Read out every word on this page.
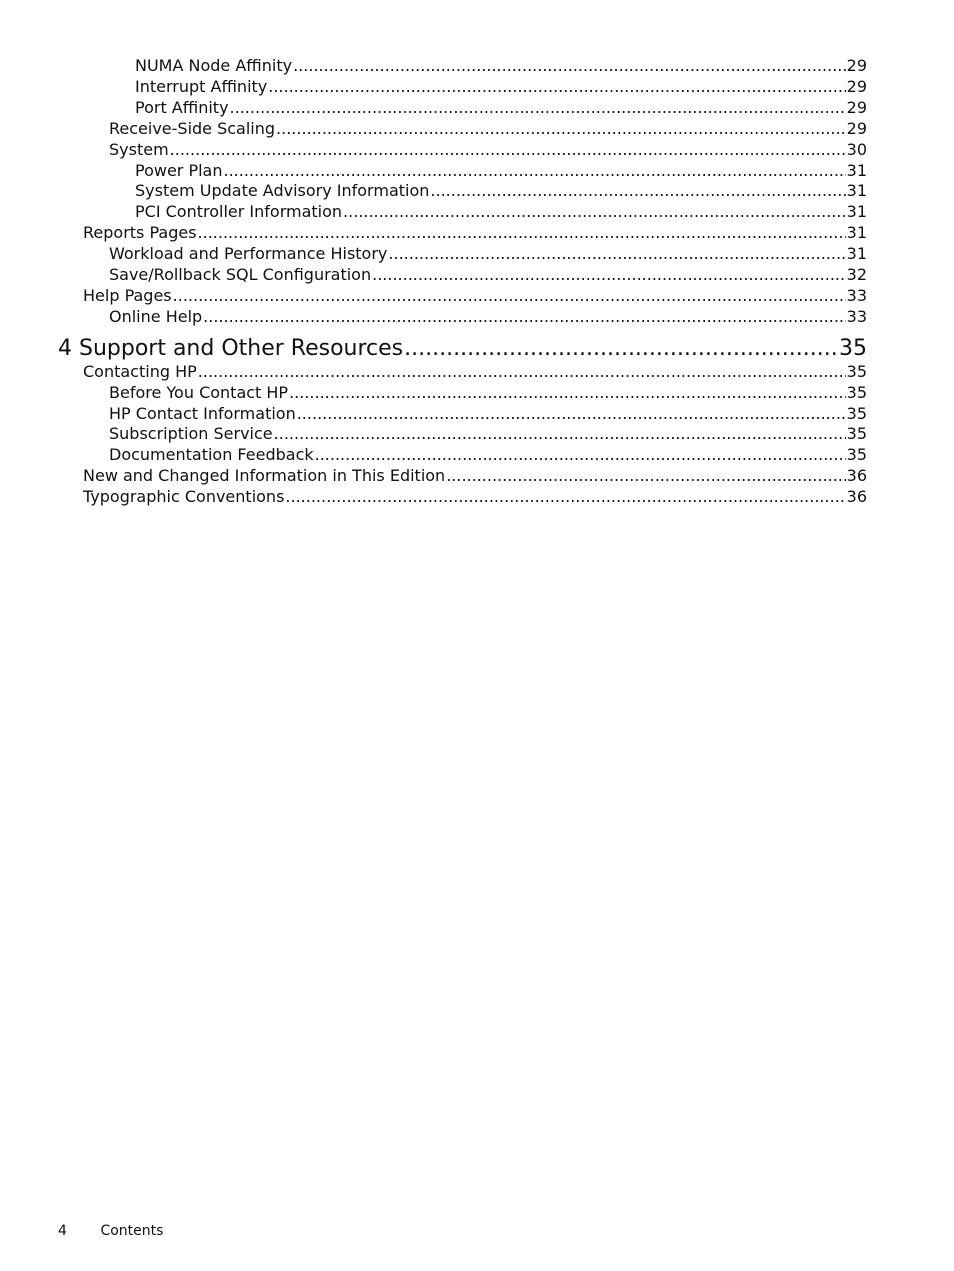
NUMA Node Affinity .....	29
Interrupt Affinity .....	29
Port Affinity .....	29
Receive-Side Scaling .....	29
System .....	30
Power Plan .....	31
System Update Advisory Information .....	31
PCI Controller Information .....	31
Reports Pages .....	31
Workload and Performance History .....	31
Save/Rollback SQL Configuration .....	32
Help Pages .....	33
Online Help .....	33
4 Support and Other Resources .....	35
Contacting HP .....	35
Before You Contact HP .....	35
HP Contact Information .....	35
Subscription Service .....	35
Documentation Feedback .....	35
New and Changed Information in This Edition .....	36
Typographic Conventions .....	36
4 Contents
